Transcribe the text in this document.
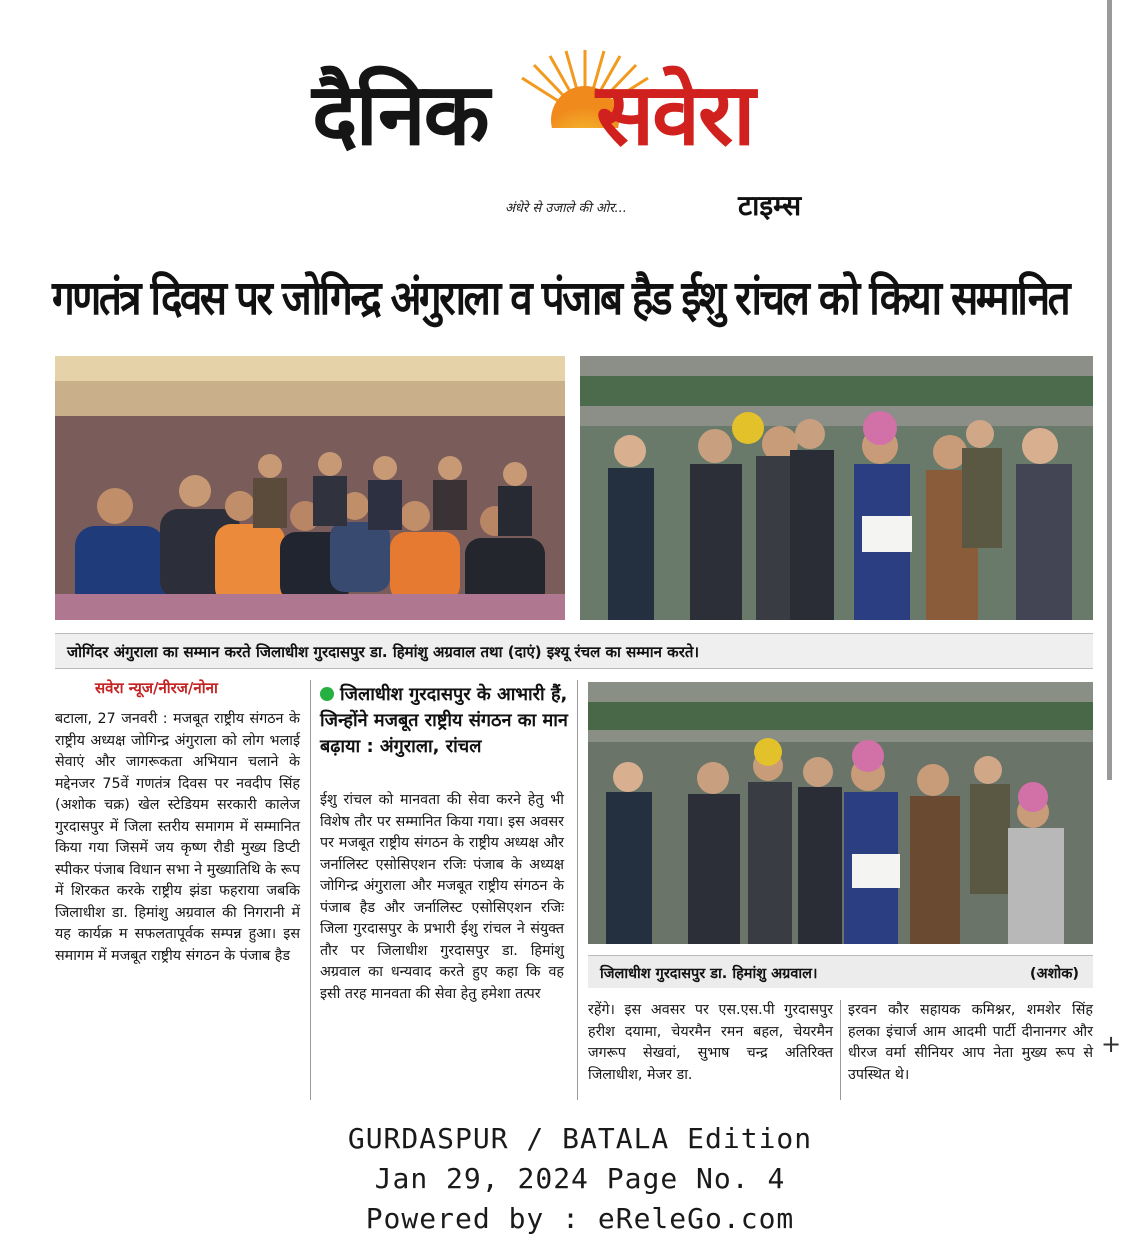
दैनिक सवेरा
अंधेरे से उजाले की ओर...	टाइम्स
गणतंत्र दिवस पर जोगिन्द्र अंगुराला व पंजाब हैड ईशु रांचल को किया सम्मानित
जोगिंदर अंगुराला का सम्मान करते जिलाधीश गुरदासपुर डा. हिमांशु अग्रवाल तथा (दाएं) इश्यू रंचल का सम्मान करते।
सवेरा न्यूज/नीरज/नोना
बटाला, 27 जनवरी : मजबूत राष्ट्रीय संगठन के राष्ट्रीय अध्यक्ष जोगिन्द्र अंगुराला को लोग भलाई सेवाएं और जागरूकता अभियान चलाने के मद्देनजर 75वें गणतंत्र दिवस पर नवदीप सिंह (अशोक चक्र) खेल स्टेडियम सरकारी कालेज गुरदासपुर में जिला स्तरीय समागम में सम्मानित किया गया जिसमें जय कृष्ण रौडी मुख्य डिप्टी स्पीकर पंजाब विधान सभा ने मुख्यातिथि के रूप में शिरकत करके राष्ट्रीय झंडा फहराया जबकि जिलाधीश डा. हिमांशु अग्रवाल की निगरानी में यह कार्यक्र म सफलतापूर्वक सम्पन्न हुआ। इस समागम में मजबूत राष्ट्रीय संगठन के पंजाब हैड
जिलाधीश गुरदासपुर के आभारी हैं, जिन्होंने मजबूत राष्ट्रीय संगठन का मान बढ़ाया : अंगुराला, रांचल
ईशु रांचल को मानवता की सेवा करने हेतु भी विशेष तौर पर सम्मानित किया गया। इस अवसर पर मजबूत राष्ट्रीय संगठन के राष्ट्रीय अध्यक्ष और जर्नालिस्ट एसोसिएशन रजिः पंजाब के अध्यक्ष जोगिन्द्र अंगुराला और मजबूत राष्ट्रीय संगठन के पंजाब हैड और जर्नालिस्ट एसोसिएशन रजिः जिला गुरदासपुर के प्रभारी ईशु रांचल ने संयुक्त तौर पर जिलाधीश गुरदासपुर डा. हिमांशु अग्रवाल का धन्यवाद करते हुए कहा कि वह इसी तरह मानवता की सेवा हेतु हमेशा तत्पर
जिलाधीश गुरदासपुर डा. हिमांशु अग्रवाल।	(अशोक)
रहेंगे। इस अवसर पर एस.एस.पी गुरदासपुर हरीश दयामा, चेयरमैन रमन बहल, चेयरमैन जगरूप सेखवां, सुभाष चन्द्र अतिरिक्त जिलाधीश, मेजर डा.
इरवन कौर सहायक कमिश्नर, शमशेर सिंह हलका इंचार्ज आम आदमी पार्टी दीनानगर और धीरज वर्मा सीनियर आप नेता मुख्य रूप से उपस्थित थे।
+
GURDASPUR / BATALA Edition
Jan 29, 2024 Page No. 4
Powered by : eReleGo.com
